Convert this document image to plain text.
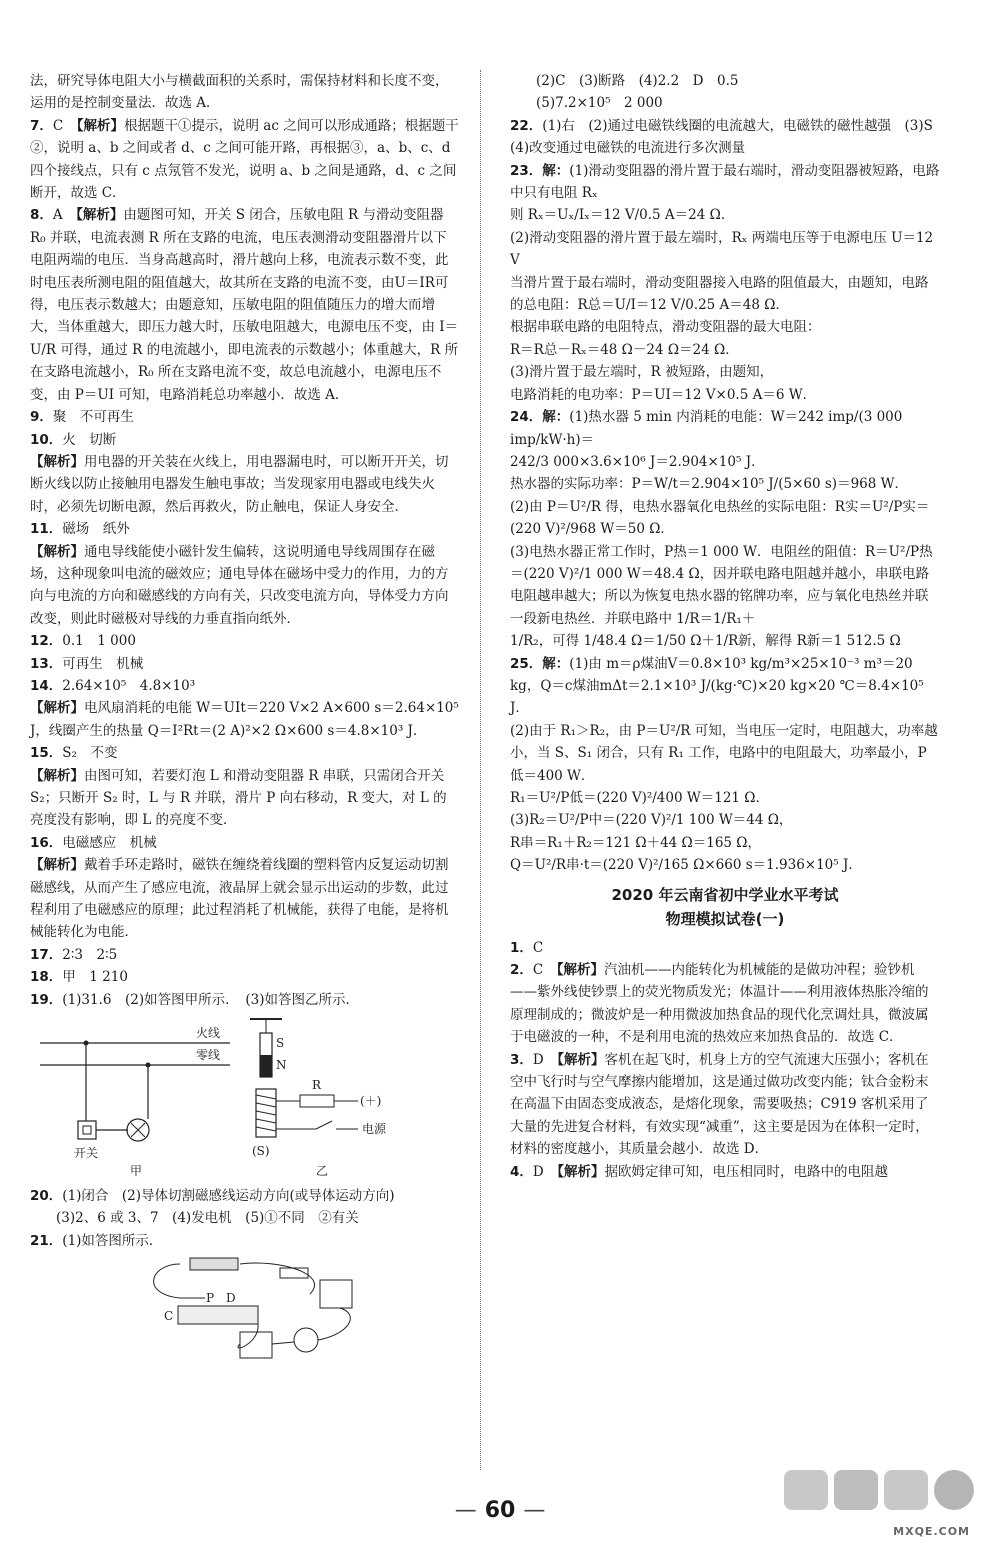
法，研究导体电阻大小与横截面积的关系时，需保持材料和长度不变，运用的是控制变量法．故选 A．

7．C　 【解析】根据题干①提示，说明 ac 之间可以形成通路；根据题干②，说明 a、b 之间或者 d、c 之间可能开路，再根据③，a、b、c、d 四个接线点，只有 c 点氖管不发光，说明 a、b 之间是通路，d、c 之间断开，故选 C．

8．A　 【解析】由题图可知，开关 S 闭合，压敏电阻 R 与滑动变阻器 R₀ 并联，电流表测 R 所在支路的电流，电压表测滑动变阻器滑片以下电阻两端的电压．当身高越高时，滑片越向上移，电流表示数不变，此时电压表所测电阻的阻值越大，故其所在支路的电流不变，由U＝IR可得，电压表示数越大；由题意知，压敏电阻的阻值随压力的增大而增大，当体重越大，即压力越大时，压敏电阻越大，电源电压不变，由 I＝U/R 可得，通过 R 的电流越小，即电流表的示数越小；体重越大，R 所在支路电流越小，R₀ 所在支路电流不变，故总电流越小，电源电压不变，由 P＝UI 可知，电路消耗总功率越小．故选 A．

9．聚　不可再生

10．火　切断

【解析】用电器的开关装在火线上，用电器漏电时，可以断开开关，切断火线以防止接触用电器发生触电事故；当发现家用电器或电线失火时，必须先切断电源，然后再救火，防止触电，保证人身安全．

11．磁场　纸外

【解析】通电导线能使小磁针发生偏转，这说明通电导线周围存在磁场，这种现象叫电流的磁效应；通电导体在磁场中受力的作用，力的方向与电流的方向和磁感线的方向有关，只改变电流方向，导体受力方向改变，则此时磁极对导线的力垂直指向纸外．

12．0.1　1 000

13．可再生　机械

14．2.64×10⁵　4.8×10³

【解析】电风扇消耗的电能 W＝UIt＝220 V×2 A×600 s＝2.64×10⁵ J，线圈产生的热量 Q＝I²Rt＝(2 A)²×2 Ω×600 s＝4.8×10³ J．

15．S₂　不变

【解析】由图可知，若要灯泡 L 和滑动变阻器 R 串联，只需闭合开关 S₂；只断开 S₂ 时，L 与 R 并联，滑片 P 向右移动，R 变大，对 L 的亮度没有影响，即 L 的亮度不变．

16．电磁感应　机械

【解析】戴着手环走路时，磁铁在缠绕着线圈的塑料管内反复运动切割磁感线，从而产生了感应电流，液晶屏上就会显示出运动的步数，此过程利用了电磁感应的原理；此过程消耗了机械能，获得了电能，是将机械能转化为电能．

17．2∶3　2∶5

18．甲　1 210

19．(1)31.6　(2)如答图甲所示．　(3)如答图乙所示．

火线
零线
开关
甲
S
N
R
(＋)
电源
(S)
乙

20．(1)闭合　(2)导体切割磁感线运动方向(或导体运动方向)

(3)2、6 或 3、7　(4)发电机　(5)①不同　②有关

21．(1)如答图所示．

C
P D

(2)C　(3)断路　(4)2.2　D　0.5

(5)7.2×10⁵　2 000

22．(1)右　(2)通过电磁铁线圈的电流越大，电磁铁的磁性越强　(3)S　(4)改变通过电磁铁的电流进行多次测量

23．解：(1)滑动变阻器的滑片置于最右端时，滑动变阻器被短路，电路中只有电阻 Rₓ

则 Rₓ＝Uₓ/Iₓ＝12 V/0.5 A＝24 Ω．

(2)滑动变阻器的滑片置于最左端时，Rₓ 两端电压等于电源电压 U＝12 V

当滑片置于最右端时，滑动变阻器接入电路的阻值最大，由题知，电路的总电阻：R总＝U/I＝12 V/0.25 A＝48 Ω．

根据串联电路的电阻特点，滑动变阻器的最大电阻：

R＝R总－Rₓ＝48 Ω－24 Ω＝24 Ω．

(3)滑片置于最左端时，R 被短路，由题知，

电路消耗的电功率：P＝UI＝12 V×0.5 A＝6 W．

24．解：(1)热水器 5 min 内消耗的电能：W＝242 imp/(3 000 imp/kW·h)＝

242/3 000×3.6×10⁶ J＝2.904×10⁵ J．

热水器的实际功率：P＝W/t＝2.904×10⁵ J/(5×60 s)＝968 W．

(2)由 P＝U²/R 得，电热水器氧化电热丝的实际电阻：R实＝U²/P实＝

(220 V)²/968 W＝50 Ω．

(3)电热水器正常工作时，P热＝1 000 W．电阻丝的阻值：R＝U²/P热＝(220 V)²/1 000 W＝48.4 Ω，因并联电路电阻越并越小，串联电路电阻越串越大；所以为恢复电热水器的铭牌功率，应与氧化电热丝并联一段新电热丝．并联电路中 1/R＝1/R₁＋

1/R₂，可得 1/48.4 Ω＝1/50 Ω＋1/R新，解得 R新＝1 512.5 Ω

25．解：(1)由 m＝ρ煤油V＝0.8×10³ kg/m³×25×10⁻³ m³＝20 kg，Q＝c煤油mΔt＝2.1×10³ J/(kg·℃)×20 kg×20 ℃＝8.4×10⁵ J．

(2)由于 R₁＞R₂，由 P＝U²/R 可知，当电压一定时，电阻越大，功率越小，当 S、S₁ 闭合，只有 R₁ 工作，电路中的电阻最大，功率最小，P低＝400 W．

R₁＝U²/P低＝(220 V)²/400 W＝121 Ω．

(3)R₂＝U²/P中＝(220 V)²/1 100 W＝44 Ω，

R串＝R₁＋R₂＝121 Ω＋44 Ω＝165 Ω，

Q＝U²/R串·t＝(220 V)²/165 Ω×660 s＝1.936×10⁵ J．

2020 年云南省初中学业水平考试
物理模拟试卷(一)

1．C

2．C　 【解析】汽油机——内能转化为机械能的是做功冲程；验钞机——紫外线使钞票上的荧光物质发光；体温计——利用液体热胀冷缩的原理制成的；微波炉是一种用微波加热食品的现代化烹调灶具，微波属于电磁波的一种，不是利用电流的热效应来加热食品的．故选 C．

3．D　 【解析】客机在起飞时，机身上方的空气流速大压强小；客机在空中飞行时与空气摩擦内能增加，这是通过做功改变内能；钛合金粉末在高温下由固态变成液态，是熔化现象，需要吸热；C919 客机采用了大量的先进复合材料，有效实现“减重”，这主要是因为在体积一定时，材料的密度越小，其质量会越小．故选 D．

4．D　 【解析】据欧姆定律可知，电压相同时，电路中的电阻越

— 60 —
MXQE.COM
